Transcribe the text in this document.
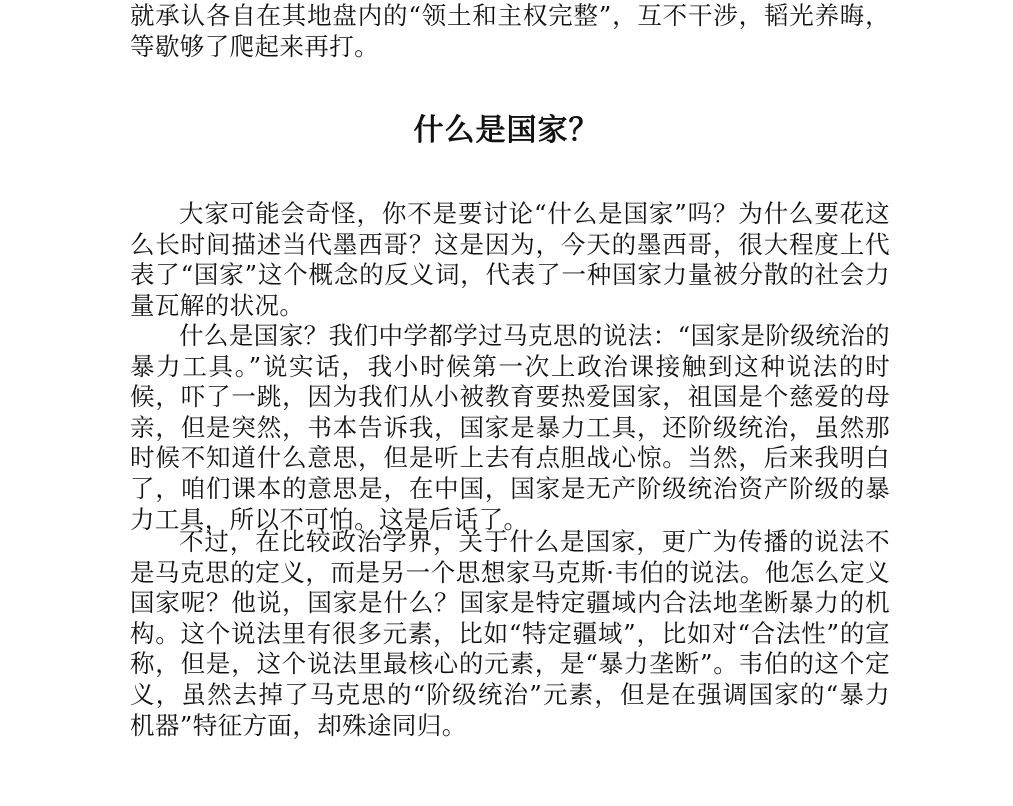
就承认各自在其地盘内的“领土和主权完整”，互不干涉，韬光养晦，等歇够了爬起来再打。

什么是国家？

大家可能会奇怪，你不是要讨论“什么是国家”吗？为什么要花这么长时间描述当代墨西哥？这是因为，今天的墨西哥，很大程度上代表了“国家”这个概念的反义词，代表了一种国家力量被分散的社会力量瓦解的状况。

什么是国家？我们中学都学过马克思的说法：“国家是阶级统治的暴力工具。”说实话，我小时候第一次上政治课接触到这种说法的时候，吓了一跳，因为我们从小被教育要热爱国家，祖国是个慈爱的母亲，但是突然，书本告诉我，国家是暴力工具，还阶级统治，虽然那时候不知道什么意思，但是听上去有点胆战心惊。当然，后来我明白了，咱们课本的意思是，在中国，国家是无产阶级统治资产阶级的暴力工具，所以不可怕。这是后话了。

不过，在比较政治学界，关于什么是国家，更广为传播的说法不是马克思的定义，而是另一个思想家马克斯·韦伯的说法。他怎么定义国家呢？他说，国家是什么？国家是特定疆域内合法地垄断暴力的机构。这个说法里有很多元素，比如“特定疆域”，比如对“合法性”的宣称，但是，这个说法里最核心的元素，是“暴力垄断”。韦伯的这个定义，虽然去掉了马克思的“阶级统治”元素，但是在强调国家的“暴力机器”特征方面，却殊途同归。
